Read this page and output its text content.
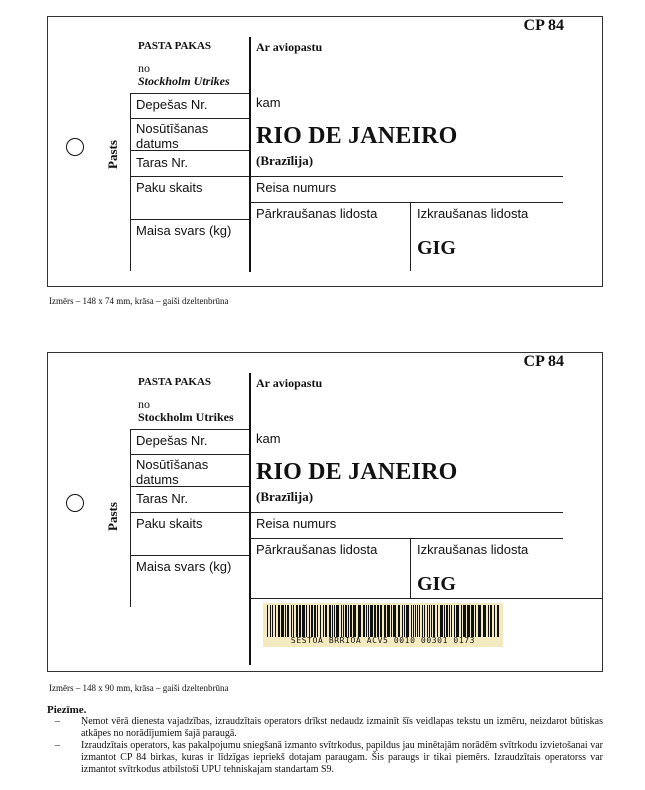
CP 84
Pasts
PASTA PAKAS
no
Stockholm Utrikes
Depešas Nr.
Nosūtīšanas datums
Taras Nr.
Paku skaits
Maisa svars (kg)
Ar aviopastu
kam
RIO DE JANEIRO
(Brazīlija)
Reisa numurs
Pārkraušanas lidosta	Izkraušanas lidosta
GIG
Izmērs – 148 x 74 mm, krāsa – gaiši dzeltenbrūna
CP 84
Pasts
PASTA PAKAS
no
Stockholm Utrikes
Depešas Nr.
Nosūtīšanas datums
Taras Nr.
Paku skaits
Maisa svars (kg)
Ar aviopastu
kam
RIO DE JANEIRO
(Brazīlija)
Reisa numurs
Pārkraušanas lidosta	Izkraušanas lidosta
GIG
SESTOA BRRIOA ACV5 0010 00301 0173
Izmērs – 148 x 90 mm, krāsa – gaiši dzeltenbrūna
Piezīme.
– Ņemot vērā dienesta vajadzības, izraudzītais operators drīkst nedaudz izmainīt šīs veidlapas tekstu un izmēru, neizdarot būtiskas atkāpes no norādījumiem šajā paraugā.
– Izraudzītais operators, kas pakalpojumu sniegšanā izmanto svītrkodus, papildus jau minētajām norādēm svītrkodu izvietošanai var izmantot CP 84 birkas, kuras ir līdzīgas iepriekš dotajam paraugam. Šis paraugs ir tikai piemērs. Izraudzītais operatorss var izmantot svītrkodus atbilstoši UPU tehniskajam standartam S9.
